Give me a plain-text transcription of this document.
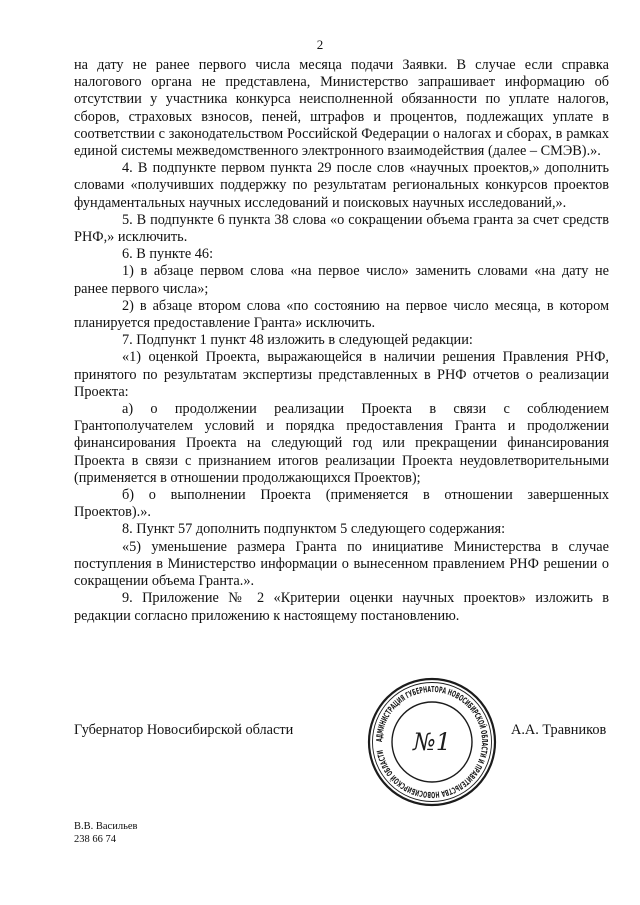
2

на дату не ранее первого числа месяца подачи Заявки. В случае если справка налогового органа не представлена, Министерство запрашивает информацию об отсутствии у участника конкурса неисполненной обязанности по уплате налогов, сборов, страховых взносов, пеней, штрафов и процентов, подлежащих уплате в соответствии с законодательством Российской Федерации о налогах и сборах, в рамках единой системы межведомственного электронного взаимодействия (далее – СМЭВ).».

4. В подпункте первом пункта 29 после слов «научных проектов,» дополнить словами «получивших поддержку по результатам региональных конкурсов проектов фундаментальных научных исследований и поисковых научных исследований,».

5. В подпункте 6 пункта 38 слова «о сокращении объема гранта за счет средств РНФ,» исключить.

6. В пункте 46:

1) в абзаце первом слова «на первое число» заменить словами «на дату не ранее первого числа»;

2) в абзаце втором слова «по состоянию на первое число месяца, в котором планируется предоставление Гранта» исключить.

7. Подпункт 1 пункт 48 изложить в следующей редакции:

«1) оценкой Проекта, выражающейся в наличии решения Правления РНФ, принятого по результатам экспертизы представленных в РНФ отчетов о реализации Проекта:

а) о продолжении реализации Проекта в связи с соблюдением Грантополучателем условий и порядка предоставления Гранта и продолжении финансирования Проекта на следующий год или прекращении финансирования Проекта в связи с признанием итогов реализации Проекта неудовлетворительными (применяется в отношении продолжающихся Проектов);

б) о выполнении Проекта (применяется в отношении завершенных Проектов).».

8. Пункт 57 дополнить подпунктом 5 следующего содержания:

«5) уменьшение размера Гранта по инициативе Министерства в случае поступления в Министерство информации о вынесенном правлением РНФ решении о сокращении объема Гранта.».

9. Приложение № 2 «Критерии оценки научных проектов» изложить в редакции согласно приложению к настоящему постановлению.

Губернатор Новосибирской области
АДМИНИСТРАЦИЯ ГУБЕРНАТОРА НОВОСИБИРСКОЙ ОБЛАСТИ И ПРАВИТЕЛЬСТВА НОВОСИБИРСКОЙ ОБЛАСТИ	№1	А.А. Травников
В.В. Васильев
238 66 74
